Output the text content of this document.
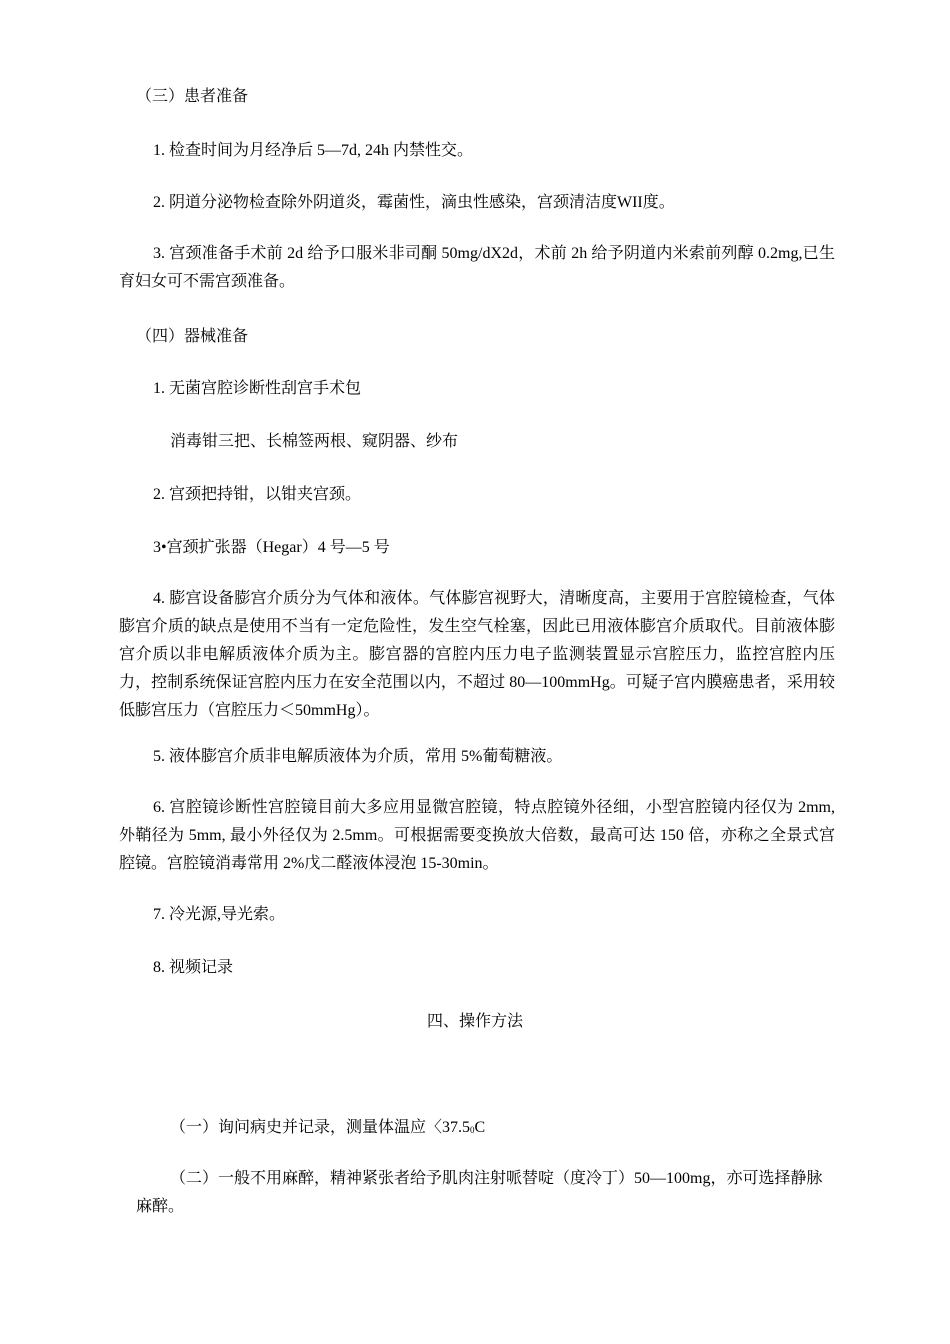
（三）患者准备
1. 检查时间为月经净后 5—7d, 24h 内禁性交。
2. 阴道分泌物检查除外阴道炎，霉菌性，滴虫性感染，宫颈清洁度WII度。
3. 宫颈准备手术前 2d 给予口服米非司酮 50mg/dX2d，术前 2h 给予阴道内米索前列醇 0.2mg,已生育妇女可不需宫颈准备。
（四）器械准备
1. 无菌宫腔诊断性刮宫手术包
消毒钳三把、长棉签两根、窥阴器、纱布
2. 宫颈把持钳，以钳夹宫颈。
3•宫颈扩张器（Hegar）4 号—5 号
4. 膨宫设备膨宫介质分为气体和液体。气体膨宫视野大，清晰度高，主要用于宫腔镜检查，气体膨宫介质的缺点是使用不当有一定危险性，发生空气栓塞，因此已用液体膨宫介质取代。目前液体膨宫介质以非电解质液体介质为主。膨宫器的宫腔内压力电子监测装置显示宫腔压力，监控宫腔内压力，控制系统保证宫腔内压力在安全范围以内，不超过 80—100mmHg。可疑子宫内膜癌患者，采用较低膨宫压力（宫腔压力＜50mmHg）。
5. 液体膨宫介质非电解质液体为介质，常用 5%葡萄糖液。
6. 宫腔镜诊断性宫腔镜目前大多应用显微宫腔镜，特点腔镜外径细，小型宫腔镜内径仅为 2mm, 外鞘径为 5mm, 最小外径仅为 2.5mm。可根据需要变换放大倍数，最高可达 150 倍，亦称之全景式宫腔镜。宫腔镜消毒常用 2%戊二醛液体浸泡 15-30min。
7. 冷光源,导光索。
8. 视频记录
四、操作方法
（一）询问病史并记录，测量体温应〈$37.5_0C$
（二）一般不用麻醉，精神紧张者给予肌肉注射哌替啶（度冷丁）50—100mg，亦可选择静脉麻醉。
